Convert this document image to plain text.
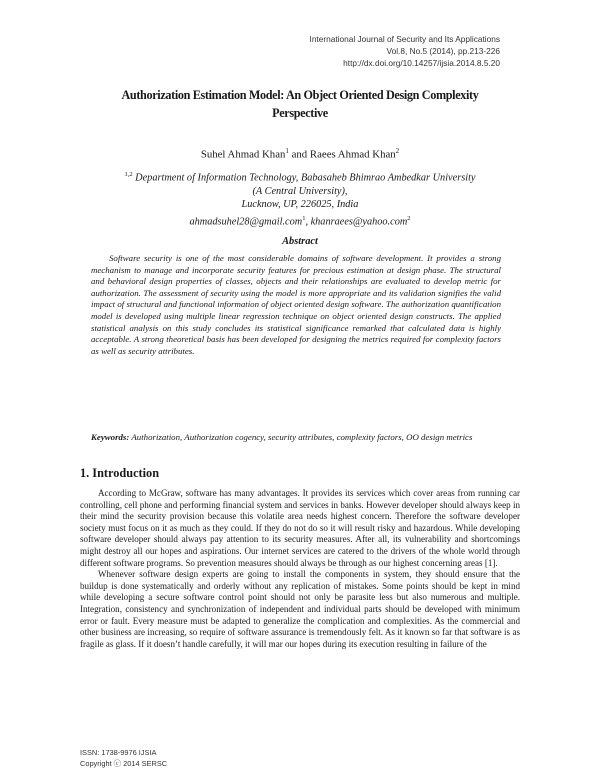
International Journal of Security and Its Applications
Vol.8, No.5 (2014), pp.213-226
http://dx.doi.org/10.14257/ijsia.2014.8.5.20
Authorization Estimation Model: An Object Oriented Design Complexity
Perspective
Suhel Ahmad Khan$^1$ and Raees Ahmad Khan$^2$
$^{1,2}$ Department of Information Technology, Babasaheb Bhimrao Ambedkar University
(A Central University),
Lucknow, UP, 226025, India
ahmadsuhel28@gmail.com$^1$, khanraees@yahoo.com$^2$
Abstract
Software security is one of the most considerable domains of software development. It provides a strong mechanism to manage and incorporate security features for precious estimation at design phase. The structural and behavioral design properties of classes, objects and their relationships are evaluated to develop metric for authorization. The assessment of security using the model is more appropriate and its validation signifies the valid impact of structural and functional information of object oriented design software. The authorization quantification model is developed using multiple linear regression technique on object oriented design constructs. The applied statistical analysis on this study concludes its statistical significance remarked that calculated data is highly acceptable. A strong theoretical basis has been developed for designing the metrics required for complexity factors as well as security attributes.
Keywords: Authorization, Authorization cogency, security attributes, complexity factors, OO design metrics
1. Introduction

According to McGraw, software has many advantages. It provides its services which cover areas from running car controlling, cell phone and performing financial system and services in banks. However developer should always keep in their mind the security provision because this volatile area needs highest concern. Therefore the software developer society must focus on it as much as they could. If they do not do so it will result risky and hazardous. While developing software developer should always pay attention to its security measures. After all, its vulnerability and shortcomings might destroy all our hopes and aspirations. Our internet services are catered to the drivers of the whole world through different software programs. So prevention measures should always be through as our highest concerning areas [1].

Whenever software design experts are going to install the components in system, they should ensure that the buildup is done systematically and orderly without any replication of mistakes. Some points should be kept in mind while developing a secure software control point should not only be parasite less but also numerous and multiple. Integration, consistency and synchronization of independent and individual parts should be developed with minimum error or fault. Every measure must be adapted to generalize the complication and complexities. As the commercial and other business are increasing, so require of software assurance is tremendously felt. As it known so far that software is as fragile as glass. If it doesn’t handle carefully, it will mar our hopes during its execution resulting in failure of the

ISSN: 1738-9976 IJSIA
Copyright ⓒ 2014 SERSC
